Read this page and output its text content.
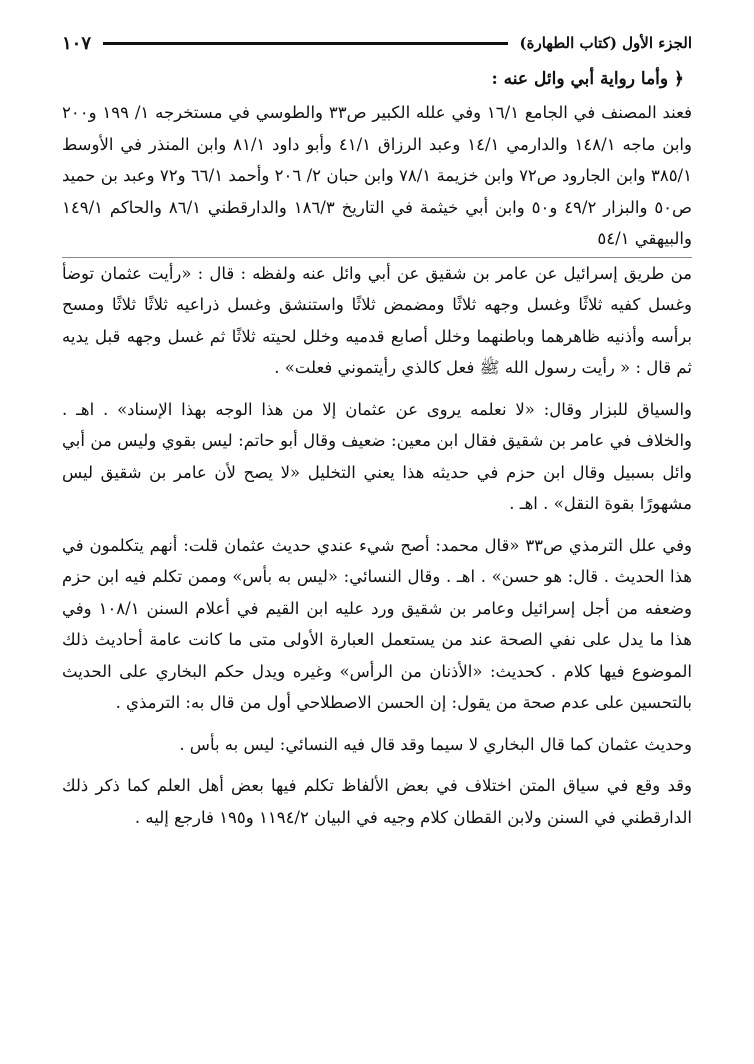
الجزء الأول (كتاب الطهارة)
١٠٧
﴿ وأما رواية أبي وائل عنه :

فعند المصنف في الجامع ١٦/١ وفي علله الكبير ص٣٣ والطوسي في مستخرجه ١/ ١٩٩ و٢٠٠ وابن ماجه ١٤٨/١ والدارمي ١٤/١ وعبد الرزاق ٤١/١ وأبو داود ٨١/١ وابن المنذر في الأوسط ٣٨٥/١ وابن الجارود ص٧٢ وابن خزيمة ٧٨/١ وابن حبان ٢/ ٢٠٦ وأحمد ٦٦/١ و٧٢ وعبد بن حميد ص٥٠ والبزار ٤٩/٢ و٥٠ وابن أبي خيثمة في التاريخ ١٨٦/٣ والدارقطني ٨٦/١ والحاكم ١٤٩/١ والبيهقي ٥٤/١

من طريق إسرائيل عن عامر بن شقيق عن أبي وائل عنه ولفظه : قال : «رأيت عثمان توضأ وغسل كفيه ثلاثًا وغسل وجهه ثلاثًا ومضمض ثلاثًا واستنشق وغسل ذراعيه ثلاثًا ثلاثًا ومسح برأسه وأذنيه ظاهرهما وباطنهما وخلل أصابع قدميه وخلل لحيته ثلاثًا ثم غسل وجهه قبل يديه ثم قال : « رأيت رسول الله ﷺ فعل كالذي رأيتموني فعلت» .

والسياق للبزار وقال: «لا نعلمه يروى عن عثمان إلا من هذا الوجه بهذا الإسناد» . اهـ . والخلاف في عامر بن شقيق فقال ابن معين: ضعيف وقال أبو حاتم: ليس بقوي وليس من أبي وائل بسبيل وقال ابن حزم في حديثه هذا يعني التخليل «لا يصح لأن عامر بن شقيق ليس مشهورًا بقوة النقل» . اهـ .

وفي علل الترمذي ص٣٣ «قال محمد: أصح شيء عندي حديث عثمان قلت: أنهم يتكلمون في هذا الحديث . قال: هو حسن» . اهـ . وقال النسائي: «ليس به بأس» وممن تكلم فيه ابن حزم وضعفه من أجل إسرائيل وعامر بن شقيق ورد عليه ابن القيم في أعلام السنن ١٠٨/١ وفي هذا ما يدل على نفي الصحة عند من يستعمل العبارة الأولى متى ما كانت عامة أحاديث ذلك الموضوع فيها كلام . كحديث: «الأذنان من الرأس» وغيره ويدل حكم البخاري على الحديث بالتحسين على عدم صحة من يقول: إن الحسن الاصطلاحي أول من قال به: الترمذي .

وحديث عثمان كما قال البخاري لا سيما وقد قال فيه النسائي: ليس به بأس .

وقد وقع في سياق المتن اختلاف في بعض الألفاظ تكلم فيها بعض أهل العلم كما ذكر ذلك الدارقطني في السنن ولابن القطان كلام وجيه في البيان ١١٩٤/٢ و١٩٥ فارجع إليه .
